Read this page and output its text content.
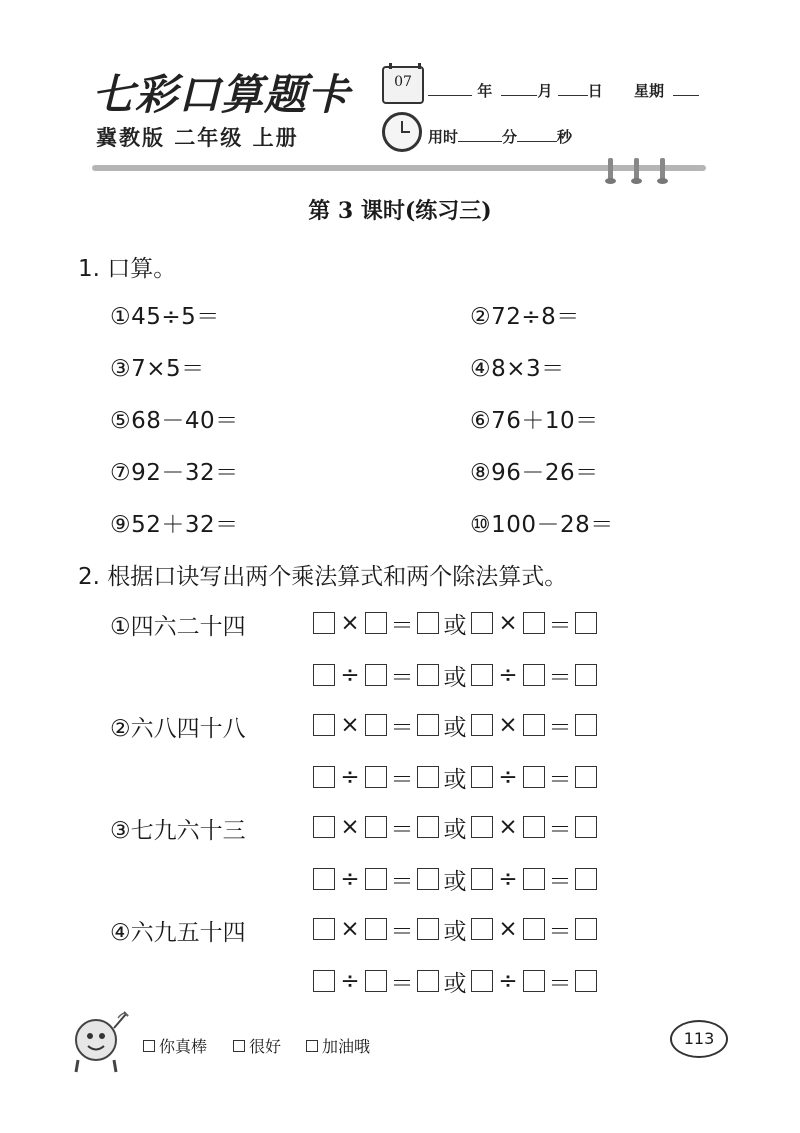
七彩口算题卡
冀教版 二年级 上册
07	年	月 日 星期
用时	分	秒
第 3 课时(练习三)
1. 口算。
①45÷5＝	②72÷8＝
③7×5＝	④8×3＝
⑤68－40＝	⑥76＋10＝
⑦92－32＝	⑧96－26＝
⑨52＋32＝	⑩100－28＝
2. 根据口诀写出两个乘法算式和两个除法算式。
①四六二十四	× ＝ 或 × ＝
÷ ＝ 或 ÷ ＝
②六八四十八	× ＝ 或 × ＝
÷ ＝ 或 ÷ ＝
③七九六十三	× ＝ 或 × ＝
÷ ＝ 或 ÷ ＝
④六九五十四	× ＝ 或 × ＝
÷ ＝ 或 ÷ ＝
你真棒	很好	加油哦	113
